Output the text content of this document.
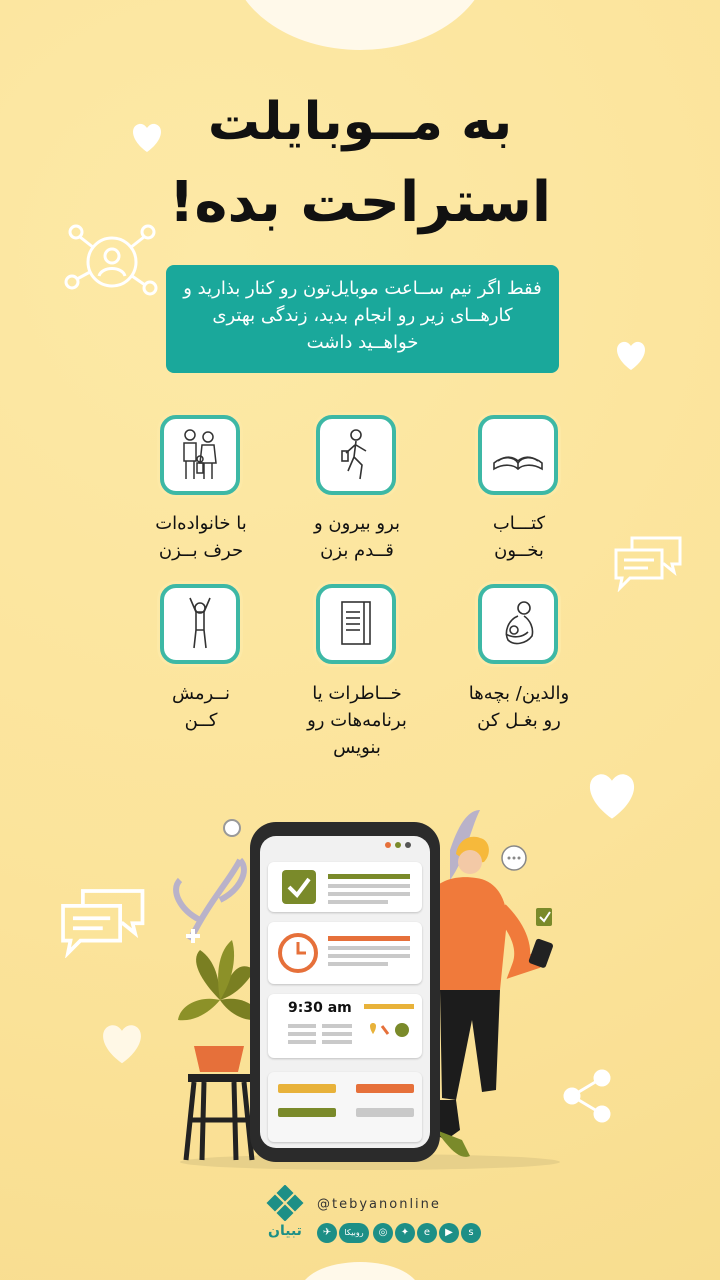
به مــوبایلت
استراحت بده!
فقط اگر نیم ســاعت موبایل‌تون رو کنار بذارید و کارهــای زیر رو انجام بدید، زندگی بهتری خواهــید داشت
کتـــاب
بخــون
برو بیرون و
قــدم بزن
با خانواده‌ات
حرف بــزن
والدین/ بچه‌ها
رو بغـل کن
خــاطرات یا
برنامه‌هات رو
بنویس
نــرمش
کــن
9:30 am
تبیان
@tebyanonline
✈	روبیکا	◎	✦	e	▶	s
